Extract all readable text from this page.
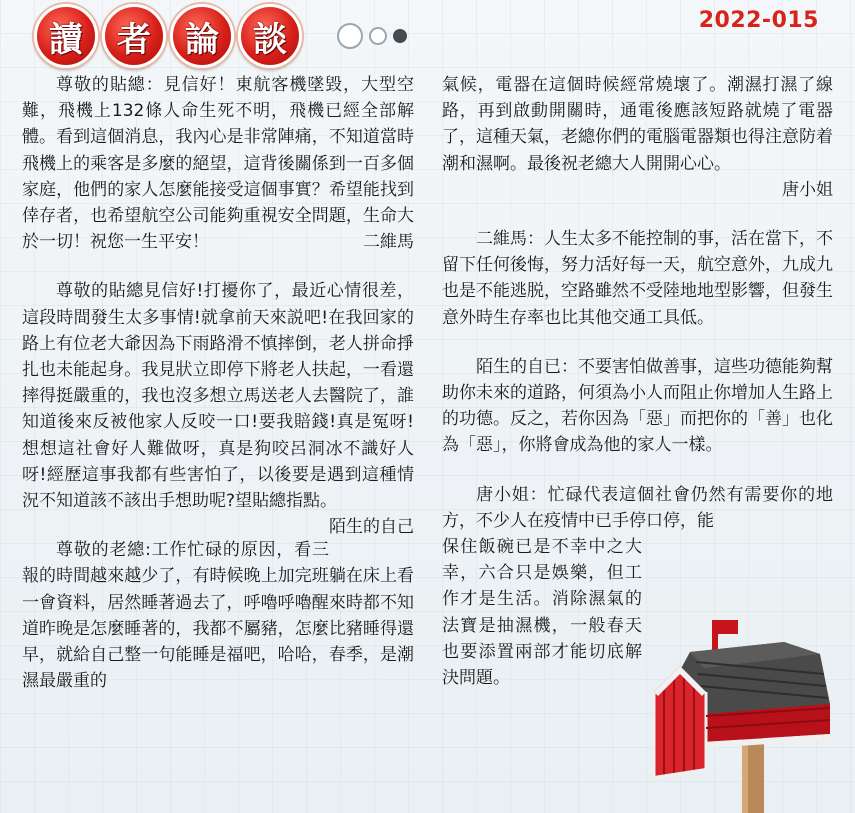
讀	者	論	談	2022-015

尊敬的貼總：見信好！東航客機墜毀，大型空難，飛機上132條人命生死不明，飛機已經全部解體。看到這個消息，我內心是非常陣痛，不知道當時飛機上的乘客是多麼的絕望，這背後關係到一百多個家庭，他們的家人怎麼能接受這個事實？希望能找到倖存者，也希望航空公司能夠重視安全問題，生命大於一切！祝您一生平安！	二維馬

尊敬的貼總見信好!打擾你了，最近心情很差，這段時間發生太多事情!就拿前天來説吧!在我回家的路上有位老大爺因為下雨路滑不慎摔倒，老人拼命掙扎也未能起身。我見狀立即停下將老人扶起，一看還摔得挺嚴重的，我也沒多想立馬送老人去醫院了，誰知道後來反被他家人反咬一口!要我賠錢!真是冤呀!想想這社會好人難做呀，真是狗咬呂洞冰不識好人呀!經歷這事我都有些害怕了，以後要是遇到這種情況不知道該不該出手想助呢?望貼總指點。
陌生的自己

尊敬的老總:工作忙碌的原因，看三報的時間越來越少了，有時候晚上加完班躺在床上看一會資料，居然睡著過去了，呼嚕呼嚕醒來時都不知道昨晚是怎麼睡著的，我都不屬豬，怎麼比豬睡得還早，就給自己整一句能睡是福吧，哈哈，春季，是潮濕最嚴重的

氣候，電器在這個時候經常燒壞了。潮濕打濕了線路，再到啟動開關時，通電後應該短路就燒了電器了，這種天氣，老總你們的電腦電器類也得注意防着潮和濕啊。最後祝老總大人開開心心。

唐小姐

二維馬：人生太多不能控制的事，活在當下，不留下任何後悔，努力活好每一天，航空意外，九成九也是不能逃脱，空路雖然不受陸地地型影響，但發生意外時生存率也比其他交通工具低。

陌生的自已：不要害怕做善事，這些功德能夠幫助你未來的道路，何須為小人而阻止你增加人生路上的功德。反之，若你因為「惡」而把你的「善」也化為「惡」，你將會成為他的家人一樣。

唐小姐：忙碌代表這個社會仍然有需要你的地方，不少人在疫情中已手停口停，能

保住飯碗已是不幸中之大幸，六合只是娛樂，但工作才是生活。消除濕氣的法寶是抽濕機，一般春天也要添置兩部才能切底解決問題。
